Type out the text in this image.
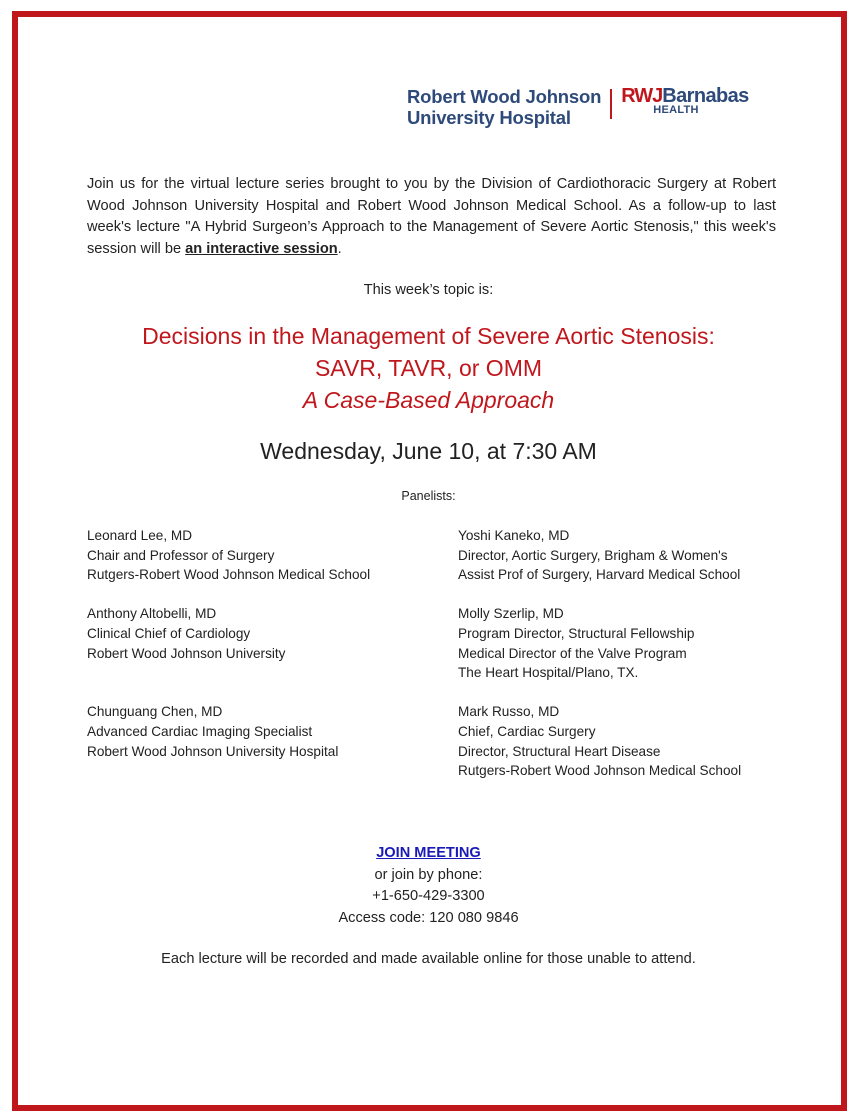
Robert Wood Johnson
University Hospital
RWJBarnabas
HEALTH
Join us for the virtual lecture series brought to you by the Division of Cardiothoracic Surgery at Robert Wood Johnson University Hospital and Robert Wood Johnson Medical School. As a follow-up to last week's lecture "A Hybrid Surgeon’s Approach to the Management of Severe Aortic Stenosis," this week's session will be an interactive session.
This week’s topic is:
Decisions in the Management of Severe Aortic Stenosis:
SAVR, TAVR, or OMM
A Case-Based Approach
Wednesday, June 10, at 7:30 AM
Panelists:
Leonard Lee, MD
Chair and Professor of Surgery
Rutgers-Robert Wood Johnson Medical School
Anthony Altobelli, MD
Clinical Chief of Cardiology
Robert Wood Johnson University

Chunguang Chen, MD
Advanced Cardiac Imaging Specialist
Robert Wood Johnson University Hospital
Yoshi Kaneko, MD
Director, Aortic Surgery, Brigham & Women's
Assist Prof of Surgery, Harvard Medical School
Molly Szerlip, MD
Program Director, Structural Fellowship
Medical Director of the Valve Program
The Heart Hospital/Plano, TX.
Mark Russo, MD
Chief, Cardiac Surgery
Director, Structural Heart Disease
Rutgers-Robert Wood Johnson Medical School
JOIN MEETING
or join by phone:
+1-650-429-3300
Access code: 120 080 9846
Each lecture will be recorded and made available online for those unable to attend.
